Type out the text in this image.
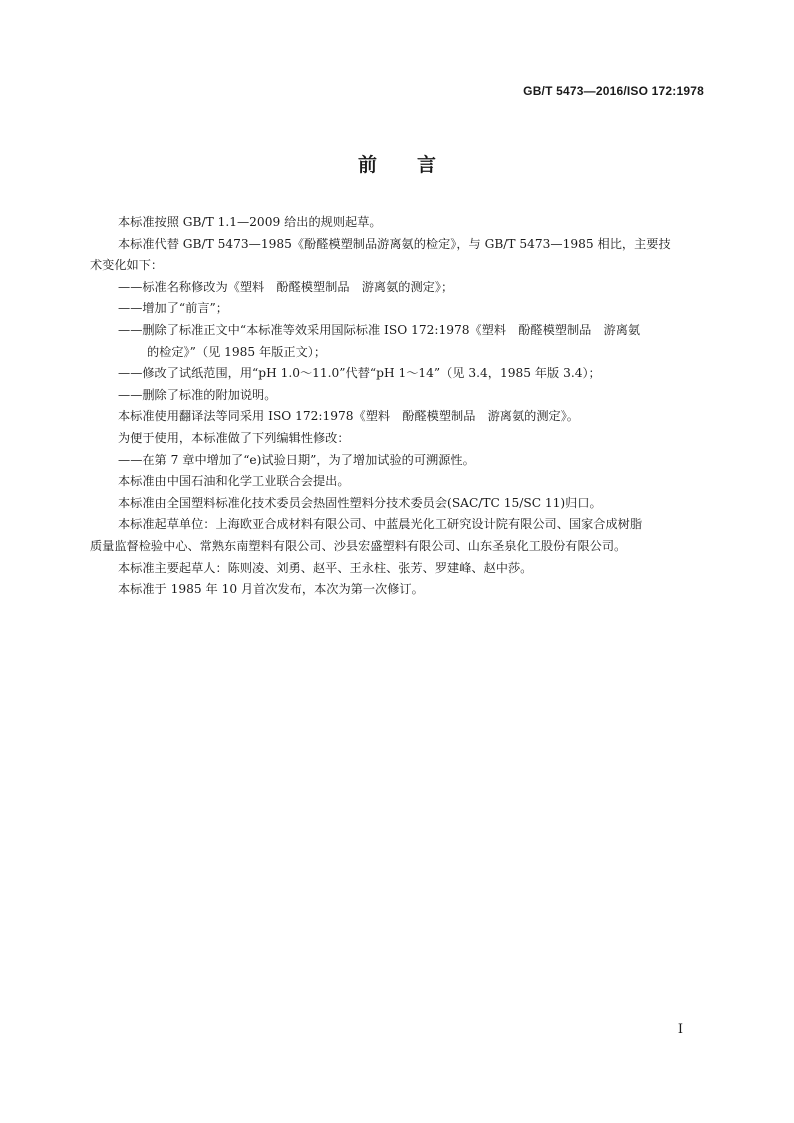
GB/T 5473—2016/ISO 172:1978
前言

本标准按照 GB/T 1.1—2009 给出的规则起草。

本标准代替 GB/T 5473—1985《酚醛模塑制品游离氨的检定》，与 GB/T 5473—1985 相比，主要技

术变化如下：

——标准名称修改为《塑料　酚醛模塑制品　游离氨的测定》；

——增加了“前言”；

——删除了标准正文中“本标准等效采用国际标准 ISO 172:1978《塑料　酚醛模塑制品　游离氨

的检定》”（见 1985 年版正文）；

——修改了试纸范围，用“pH 1.0～11.0”代替“pH 1～14”（见 3.4，1985 年版 3.4）；

——删除了标准的附加说明。

本标准使用翻译法等同采用 ISO 172:1978《塑料　酚醛模塑制品　游离氨的测定》。

为便于使用，本标准做了下列编辑性修改：

——在第 7 章中增加了“e)试验日期”，为了增加试验的可溯源性。

本标准由中国石油和化学工业联合会提出。

本标准由全国塑料标准化技术委员会热固性塑料分技术委员会(SAC/TC 15/SC 11)归口。

本标准起草单位：上海欧亚合成材料有限公司、中蓝晨光化工研究设计院有限公司、国家合成树脂

质量监督检验中心、常熟东南塑料有限公司、沙县宏盛塑料有限公司、山东圣泉化工股份有限公司。

本标准主要起草人：陈则凌、刘勇、赵平、王永柱、张芳、罗建峰、赵中莎。

本标准于 1985 年 10 月首次发布，本次为第一次修订。

I
